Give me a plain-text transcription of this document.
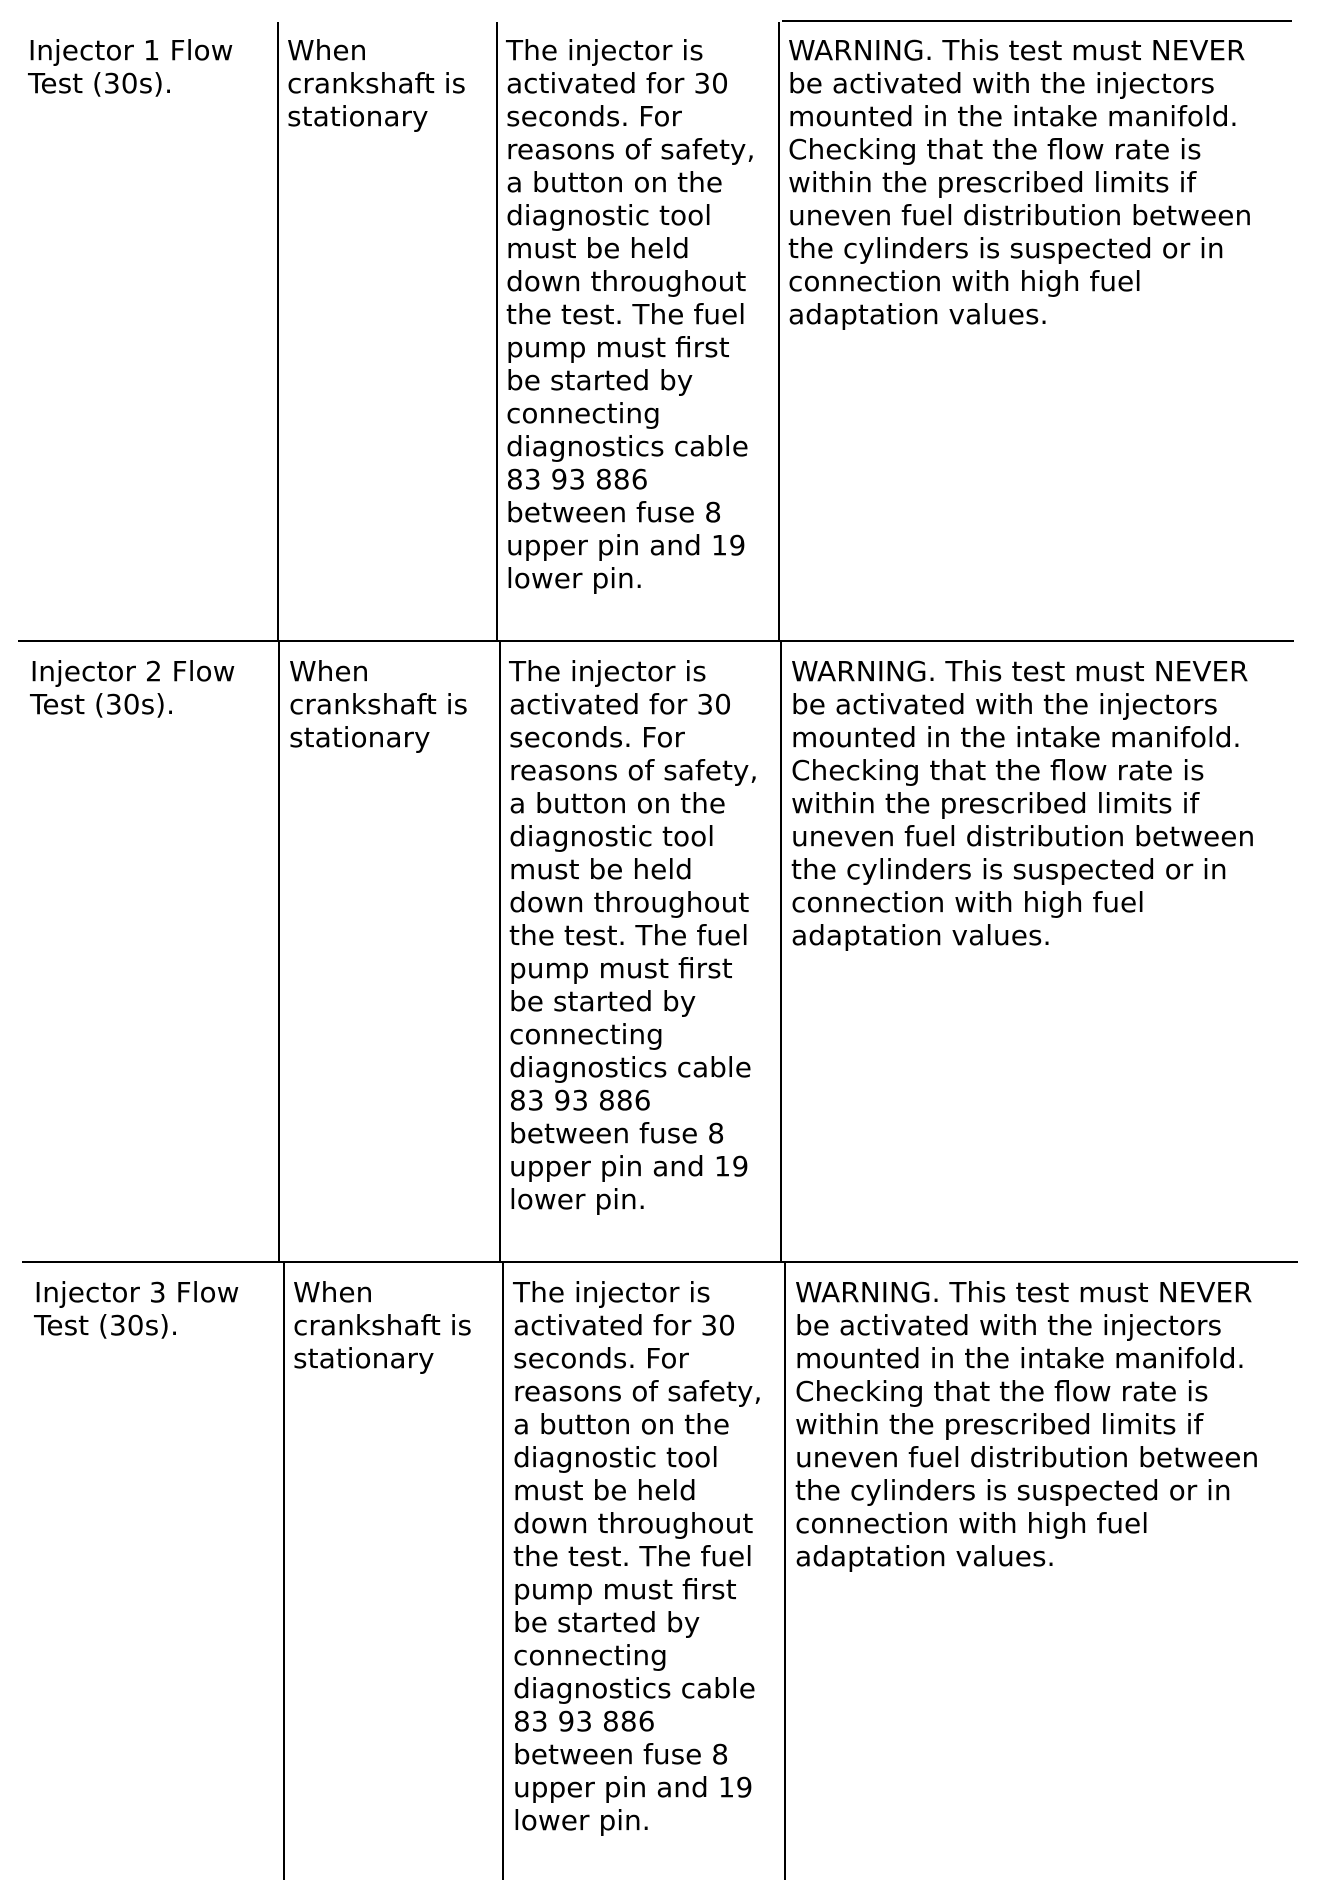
Injector 1 Flow
Test (30s).

When
crankshaft is
stationary

The injector is
activated for 30
seconds. For
reasons of safety,
a button on the
diagnostic tool
must be held
down throughout
the test. The fuel
pump must first
be started by
connecting
diagnostics cable
83 93 886
between fuse 8
upper pin and 19
lower pin.

WARNING. This test must NEVER
be activated with the injectors
mounted in the intake manifold.
Checking that the flow rate is
within the prescribed limits if
uneven fuel distribution between
the cylinders is suspected or in
connection with high fuel
adaptation values.

Injector 2 Flow
Test (30s).

When
crankshaft is
stationary

The injector is
activated for 30
seconds. For
reasons of safety,
a button on the
diagnostic tool
must be held
down throughout
the test. The fuel
pump must first
be started by
connecting
diagnostics cable
83 93 886
between fuse 8
upper pin and 19
lower pin.

WARNING. This test must NEVER
be activated with the injectors
mounted in the intake manifold.
Checking that the flow rate is
within the prescribed limits if
uneven fuel distribution between
the cylinders is suspected or in
connection with high fuel
adaptation values.

Injector 3 Flow
Test (30s).

When
crankshaft is
stationary

The injector is
activated for 30
seconds. For
reasons of safety,
a button on the
diagnostic tool
must be held
down throughout
the test. The fuel
pump must first
be started by
connecting
diagnostics cable
83 93 886
between fuse 8
upper pin and 19
lower pin.

WARNING. This test must NEVER
be activated with the injectors
mounted in the intake manifold.
Checking that the flow rate is
within the prescribed limits if
uneven fuel distribution between
the cylinders is suspected or in
connection with high fuel
adaptation values.
